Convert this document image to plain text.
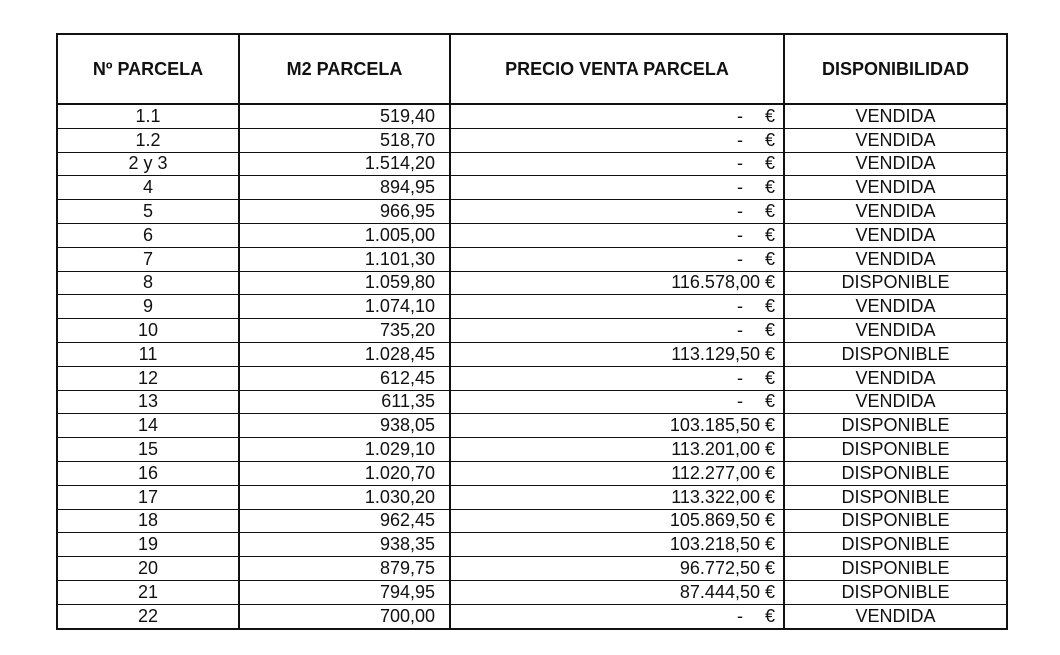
Nº PARCELA	M2 PARCELA	PRECIO VENTA PARCELA	DISPONIBILIDAD
1.1	519,40	- €	VENDIDA
1.2	518,70	- €	VENDIDA
2 y 3	1.514,20	- €	VENDIDA
4	894,95	- €	VENDIDA
5	966,95	- €	VENDIDA
6	1.005,00	- €	VENDIDA
7	1.101,30	- €	VENDIDA
8	1.059,80	116.578,00 €	DISPONIBLE
9	1.074,10	- €	VENDIDA
10	735,20	- €	VENDIDA
11	1.028,45	113.129,50 €	DISPONIBLE
12	612,45	- €	VENDIDA
13	611,35	- €	VENDIDA
14	938,05	103.185,50 €	DISPONIBLE
15	1.029,10	113.201,00 €	DISPONIBLE
16	1.020,70	112.277,00 €	DISPONIBLE
17	1.030,20	113.322,00 €	DISPONIBLE
18	962,45	105.869,50 €	DISPONIBLE
19	938,35	103.218,50 €	DISPONIBLE
20	879,75	96.772,50 €	DISPONIBLE
21	794,95	87.444,50 €	DISPONIBLE
22	700,00	- €	VENDIDA
